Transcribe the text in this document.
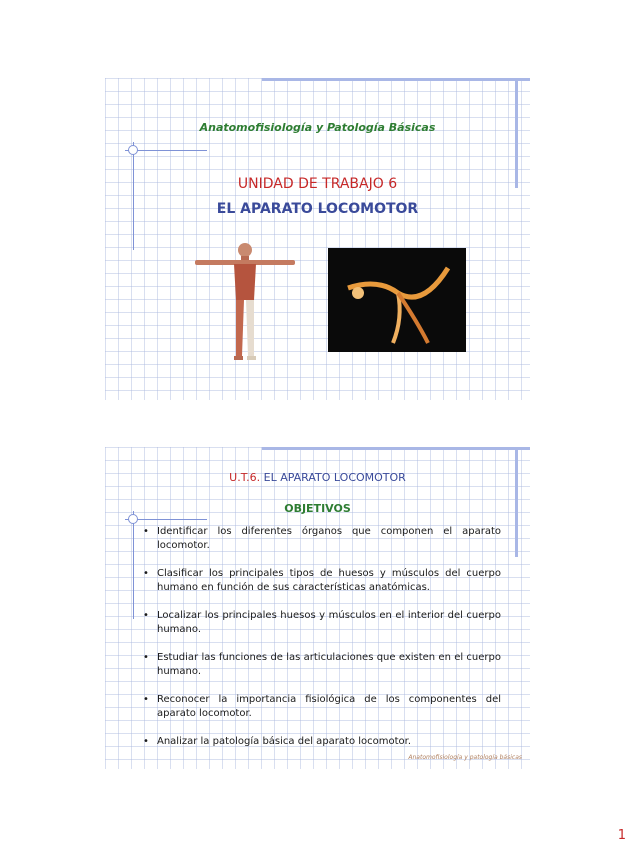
Anatomofisiología y Patología Básicas
UNIDAD DE TRABAJO 6
EL APARATO LOCOMOTOR
U.T.6. EL APARATO LOCOMOTOR
OBJETIVOS
• Identificar los diferentes órganos que componen el aparato locomotor.
• Clasificar los principales tipos de huesos y músculos del cuerpo humano en función de sus características anatómicas.
• Localizar los principales huesos y músculos en el interior del cuerpo humano.
• Estudiar las funciones de las articulaciones que existen en el cuerpo humano.
• Reconocer la importancia fisiológica de los componentes del aparato locomotor.
• Analizar la patología básica del aparato locomotor.
Anatomofisiología y patología básicas
1
